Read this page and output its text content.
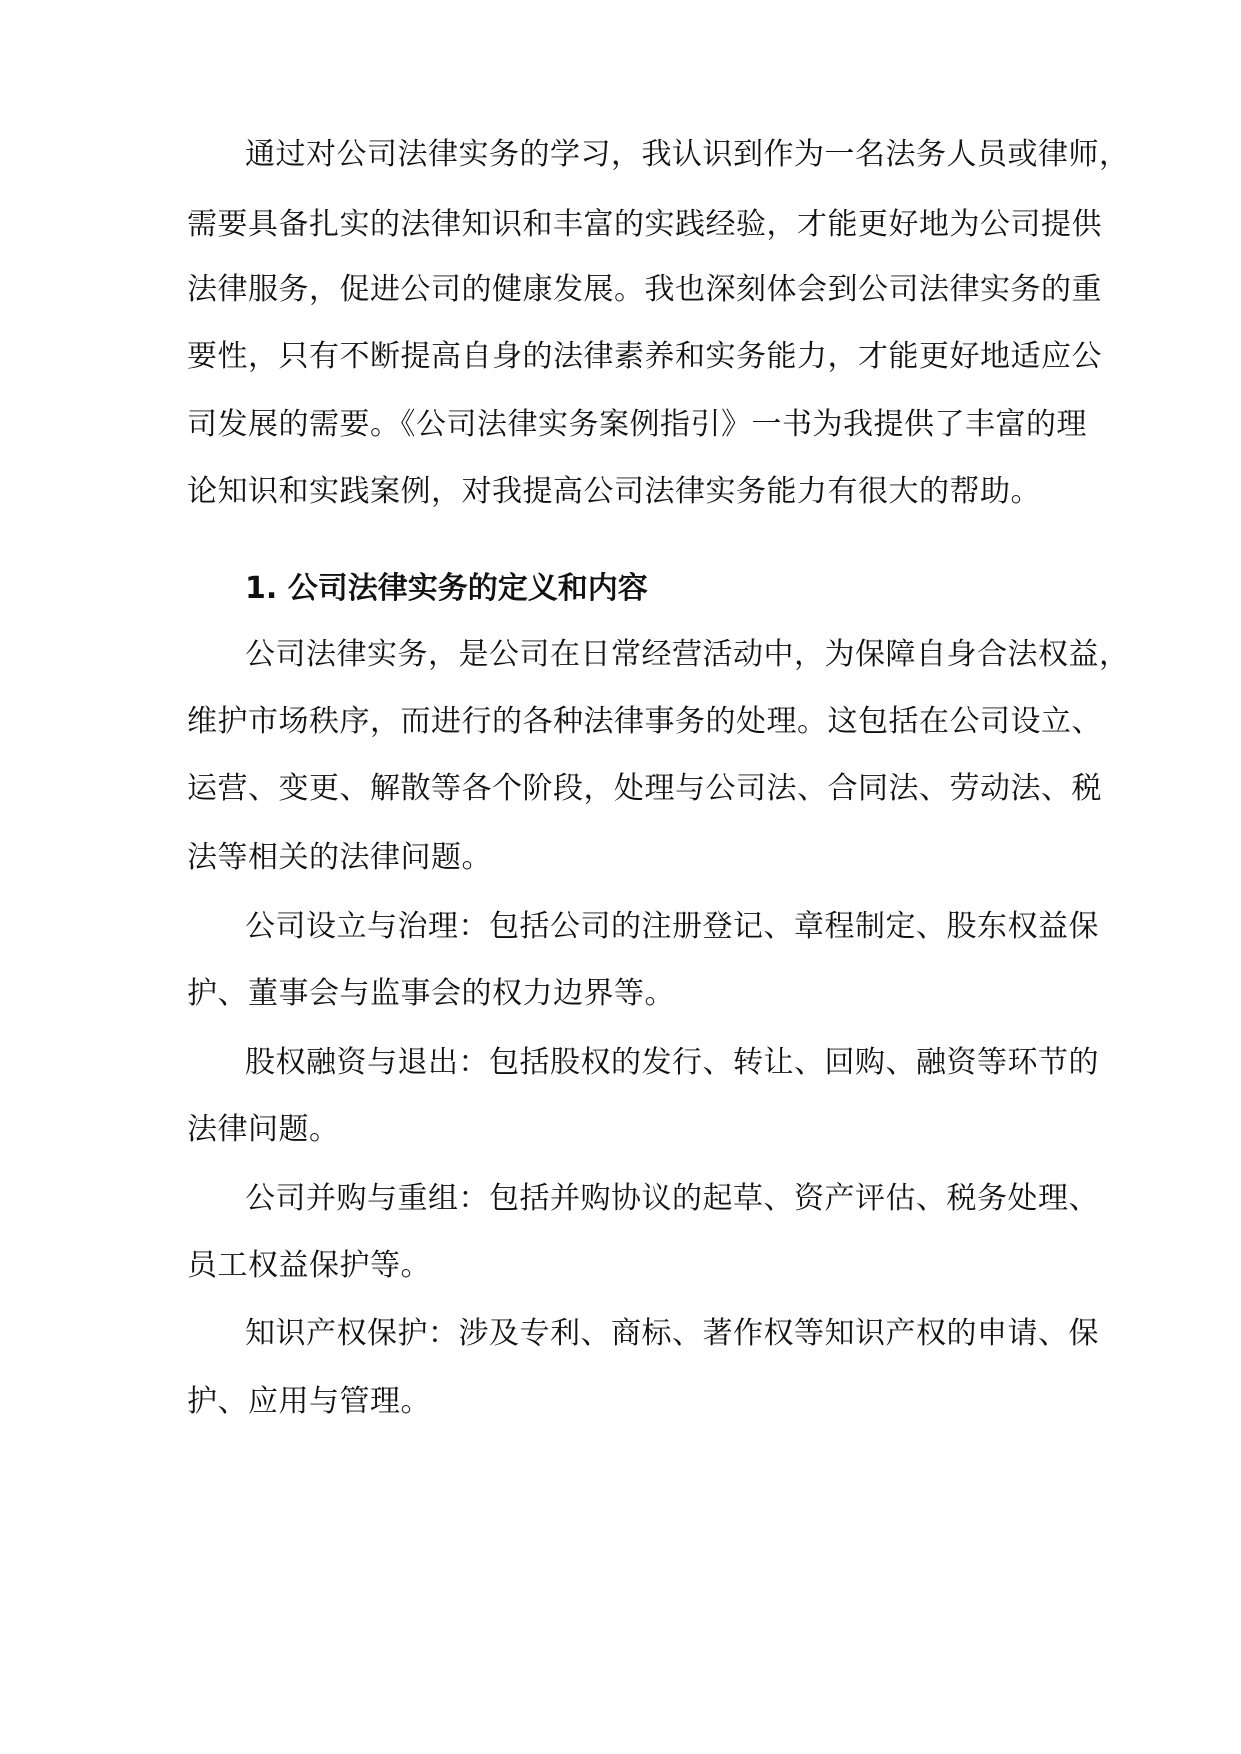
通过对公司法律实务的学习，我认识到作为一名法务人员或律师，
需要具备扎实的法律知识和丰富的实践经验，才能更好地为公司提供
法律服务，促进公司的健康发展。我也深刻体会到公司法律实务的重
要性，只有不断提高自身的法律素养和实务能力，才能更好地适应公
司发展的需要。《公司法律实务案例指引》一书为我提供了丰富的理
论知识和实践案例，对我提高公司法律实务能力有很大的帮助。
1. 公司法律实务的定义和内容
公司法律实务，是公司在日常经营活动中，为保障自身合法权益，
维护市场秩序，而进行的各种法律事务的处理。这包括在公司设立、
运营、变更、解散等各个阶段，处理与公司法、合同法、劳动法、税
法等相关的法律问题。
公司设立与治理：包括公司的注册登记、章程制定、股东权益保
护、董事会与监事会的权力边界等。
股权融资与退出：包括股权的发行、转让、回购、融资等环节的
法律问题。
公司并购与重组：包括并购协议的起草、资产评估、税务处理、
员工权益保护等。
知识产权保护：涉及专利、商标、著作权等知识产权的申请、保
护、应用与管理。
